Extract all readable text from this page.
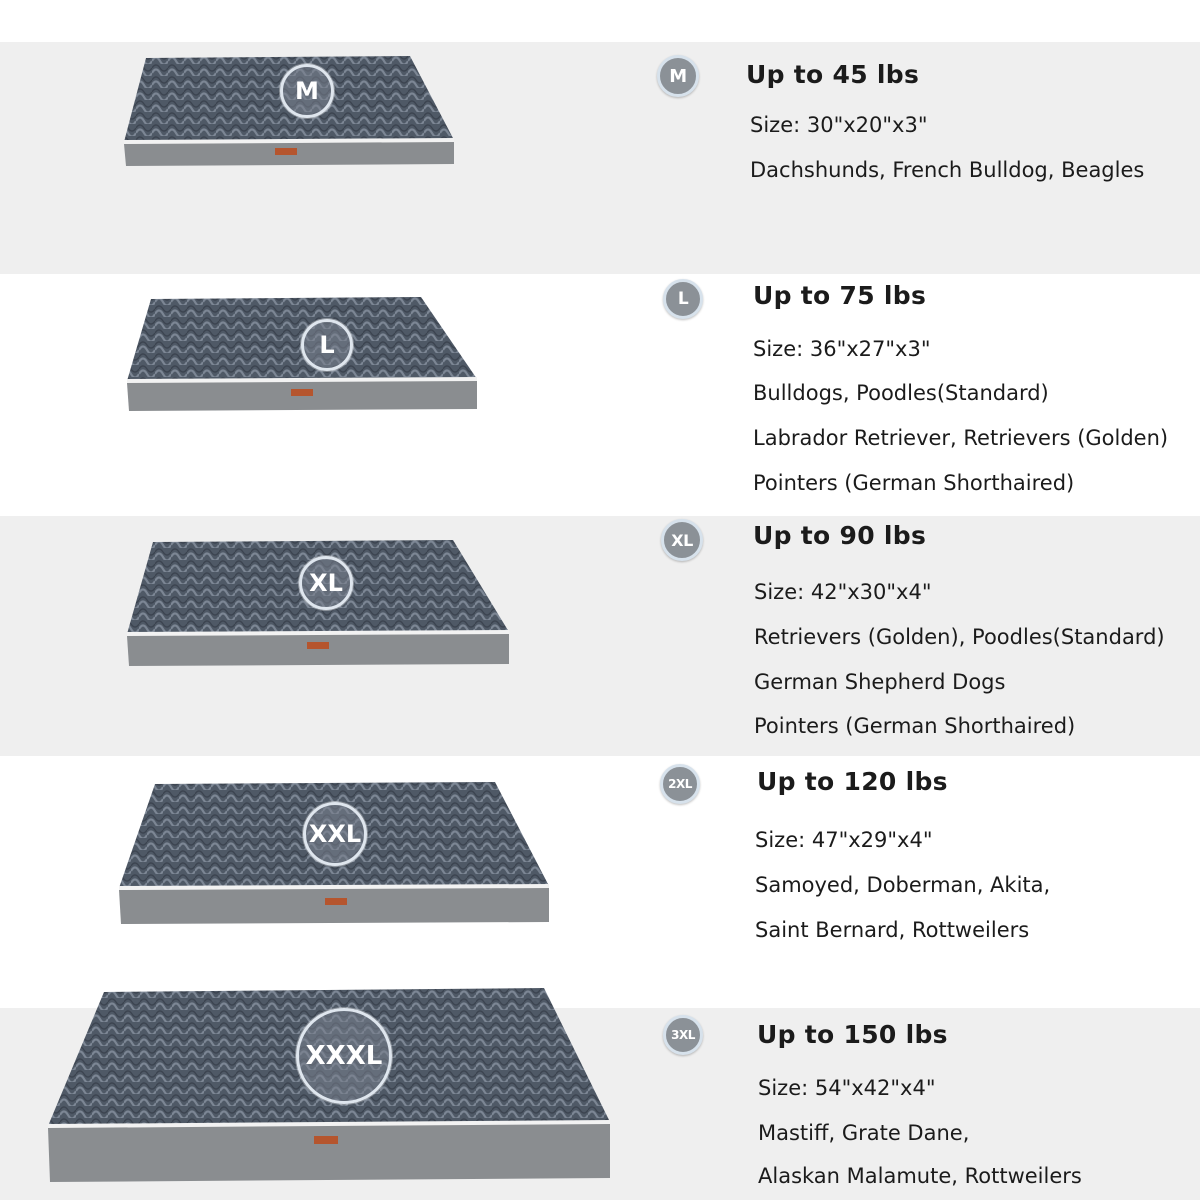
M
M	Up to 45 lbs
Size: 30"x20"x3"
Dachshunds, French Bulldog, Beagles
L
L	Up to 75 lbs
Size: 36"x27"x3"
Bulldogs, Poodles(Standard)
Labrador Retriever, Retrievers (Golden)
Pointers (German Shorthaired)
XL
XL	Up to 90 lbs
Size: 42"x30"x4"
Retrievers (Golden), Poodles(Standard)
German Shepherd Dogs
Pointers (German Shorthaired)
XXL
2XL	Up to 120 lbs
Size: 47"x29"x4"
Samoyed, Doberman, Akita,
Saint Bernard, Rottweilers
XXXL
3XL	Up to 150 lbs
Size: 54"x42"x4"
Mastiff, Grate Dane,
Alaskan Malamute, Rottweilers
